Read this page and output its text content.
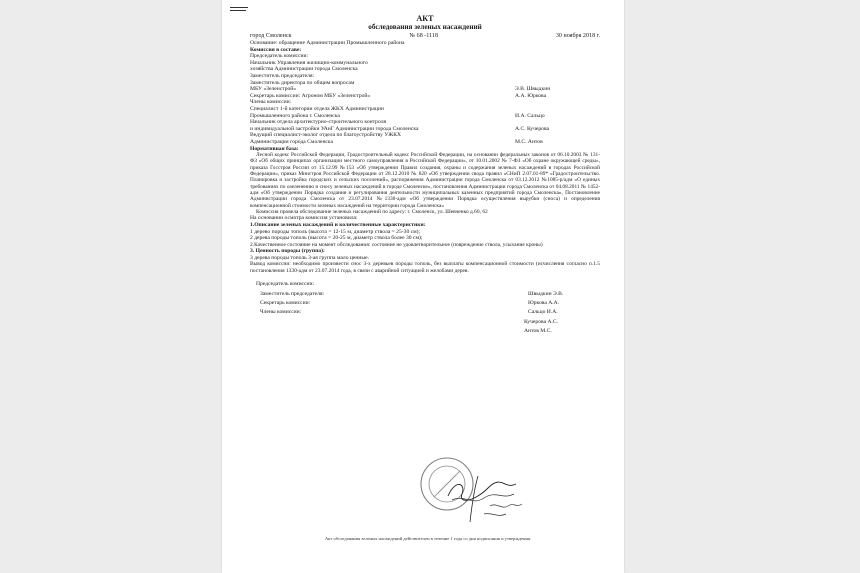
АКТ
обследования зеленых насаждений
город Смоленск	№ 68 -1118	30 ноября 2018 г.
Основание: обращение Администрации Промышленного района
Комиссия в составе:
Председатель комиссии:
Начальник Управления жилищно-коммунального
хозяйства Администрации города Смоленска
Заместитель председателя:
Заместитель директора по общим вопросам
МБУ «Зеленстрой»	Э.В. Швыдкин
Секретарь комиссии: Агроном МБУ «Зеленстрой»	А.А. Юркова
Члены комиссии:
Специалист 1-й категории отдела ЖКХ Администрации
Промышленного района г. Смоленска	И.А. Сальцо
Начальник отдела архитектурно-строительного контроля
и индивидуальной застройки УАиГ Администрации города Смоленска	А.С. Кучерова
Ведущий специалист-эколог отдела по благоустройству УЖКХ
Администрации города Смоленска	М.С. Антов
Нормативная база:
Лесной кодекс Российской Федерации, Градостроительный кодекс Российской Федерации, на основании федеральных законов от 06.10.2003 № 131-ФЗ «Об общих принципах организации местного самоуправления в Российской Федерации», от 10.01.2002 № 7-ФЗ «Об охране окружающей среды», приказа Госстроя России от 15.12.99 №153 «Об утверждении Правил создания, охраны и содержания зеленых насаждений в городах Российской Федерации», приказ Минстроя Российской Федерации от 28.12.2010 № 820 «Об утверждении свода правил «СНиП 2.07.01-89* «Градостроительство. Планировка и застройка городских и сельских поселений», распоряжения Администрации города Смоленска от 03.12.2012 №1085-р/адм «О единых требованиях по озеленению и сносу зеленых насаждений в городе Смоленске», постановления Администрации города Смоленска от 04.08.2011 № 1452-адм «Об утверждении Порядка создания и регулирования деятельности муниципальных казенных предприятий города Смоленска», Постановление Администрации города Смоленска от 23.07.2014 №1330-адм «Об утверждении Порядка осуществления вырубки (сноса) и определения компенсационной стоимости зеленых насаждений на территории города Смоленска»
Комиссия провела обследование зеленых насаждений по адресу: г. Смоленск, ул. Шевченко д.60, 62
На основании осмотра комиссия установила:
1.Описание зеленых насаждений и количественные характеристики:
1 дерево породы тополь (высота = 12-15 м, диаметр ствола = 25-30 см);
2 дерева породы тополь (высота = 20-25 м, диаметр ствола более 30 см);
2.Качественное состояние на момент обследования: состояние не удовлетворительное (повреждение ствола, усыхание кроны)
3. Ценность породы (группа):
3 дерева породы тополь 3-ая группа мало ценные.
Вывод комиссии: необходимо произвести снос 3-х деревьев породы тополь, без выплаты компенсационной стоимости (исчисления согласно п.1.5 постановления 1330-адм от 23.07.2014 года, в связи с аварийной ситуацией и желобами дерев.
Председатель комиссии:
Заместитель председателя:	Швыдкин Э.В.
Секретарь комиссии:	Юркова А.А.
Члены комиссии:	Сальцо И.А.
Кучерова А.С.
Антов М.С.
Акт обследования зеленых насаждений действителен в течение 1 года со дня подписания и утверждения.
